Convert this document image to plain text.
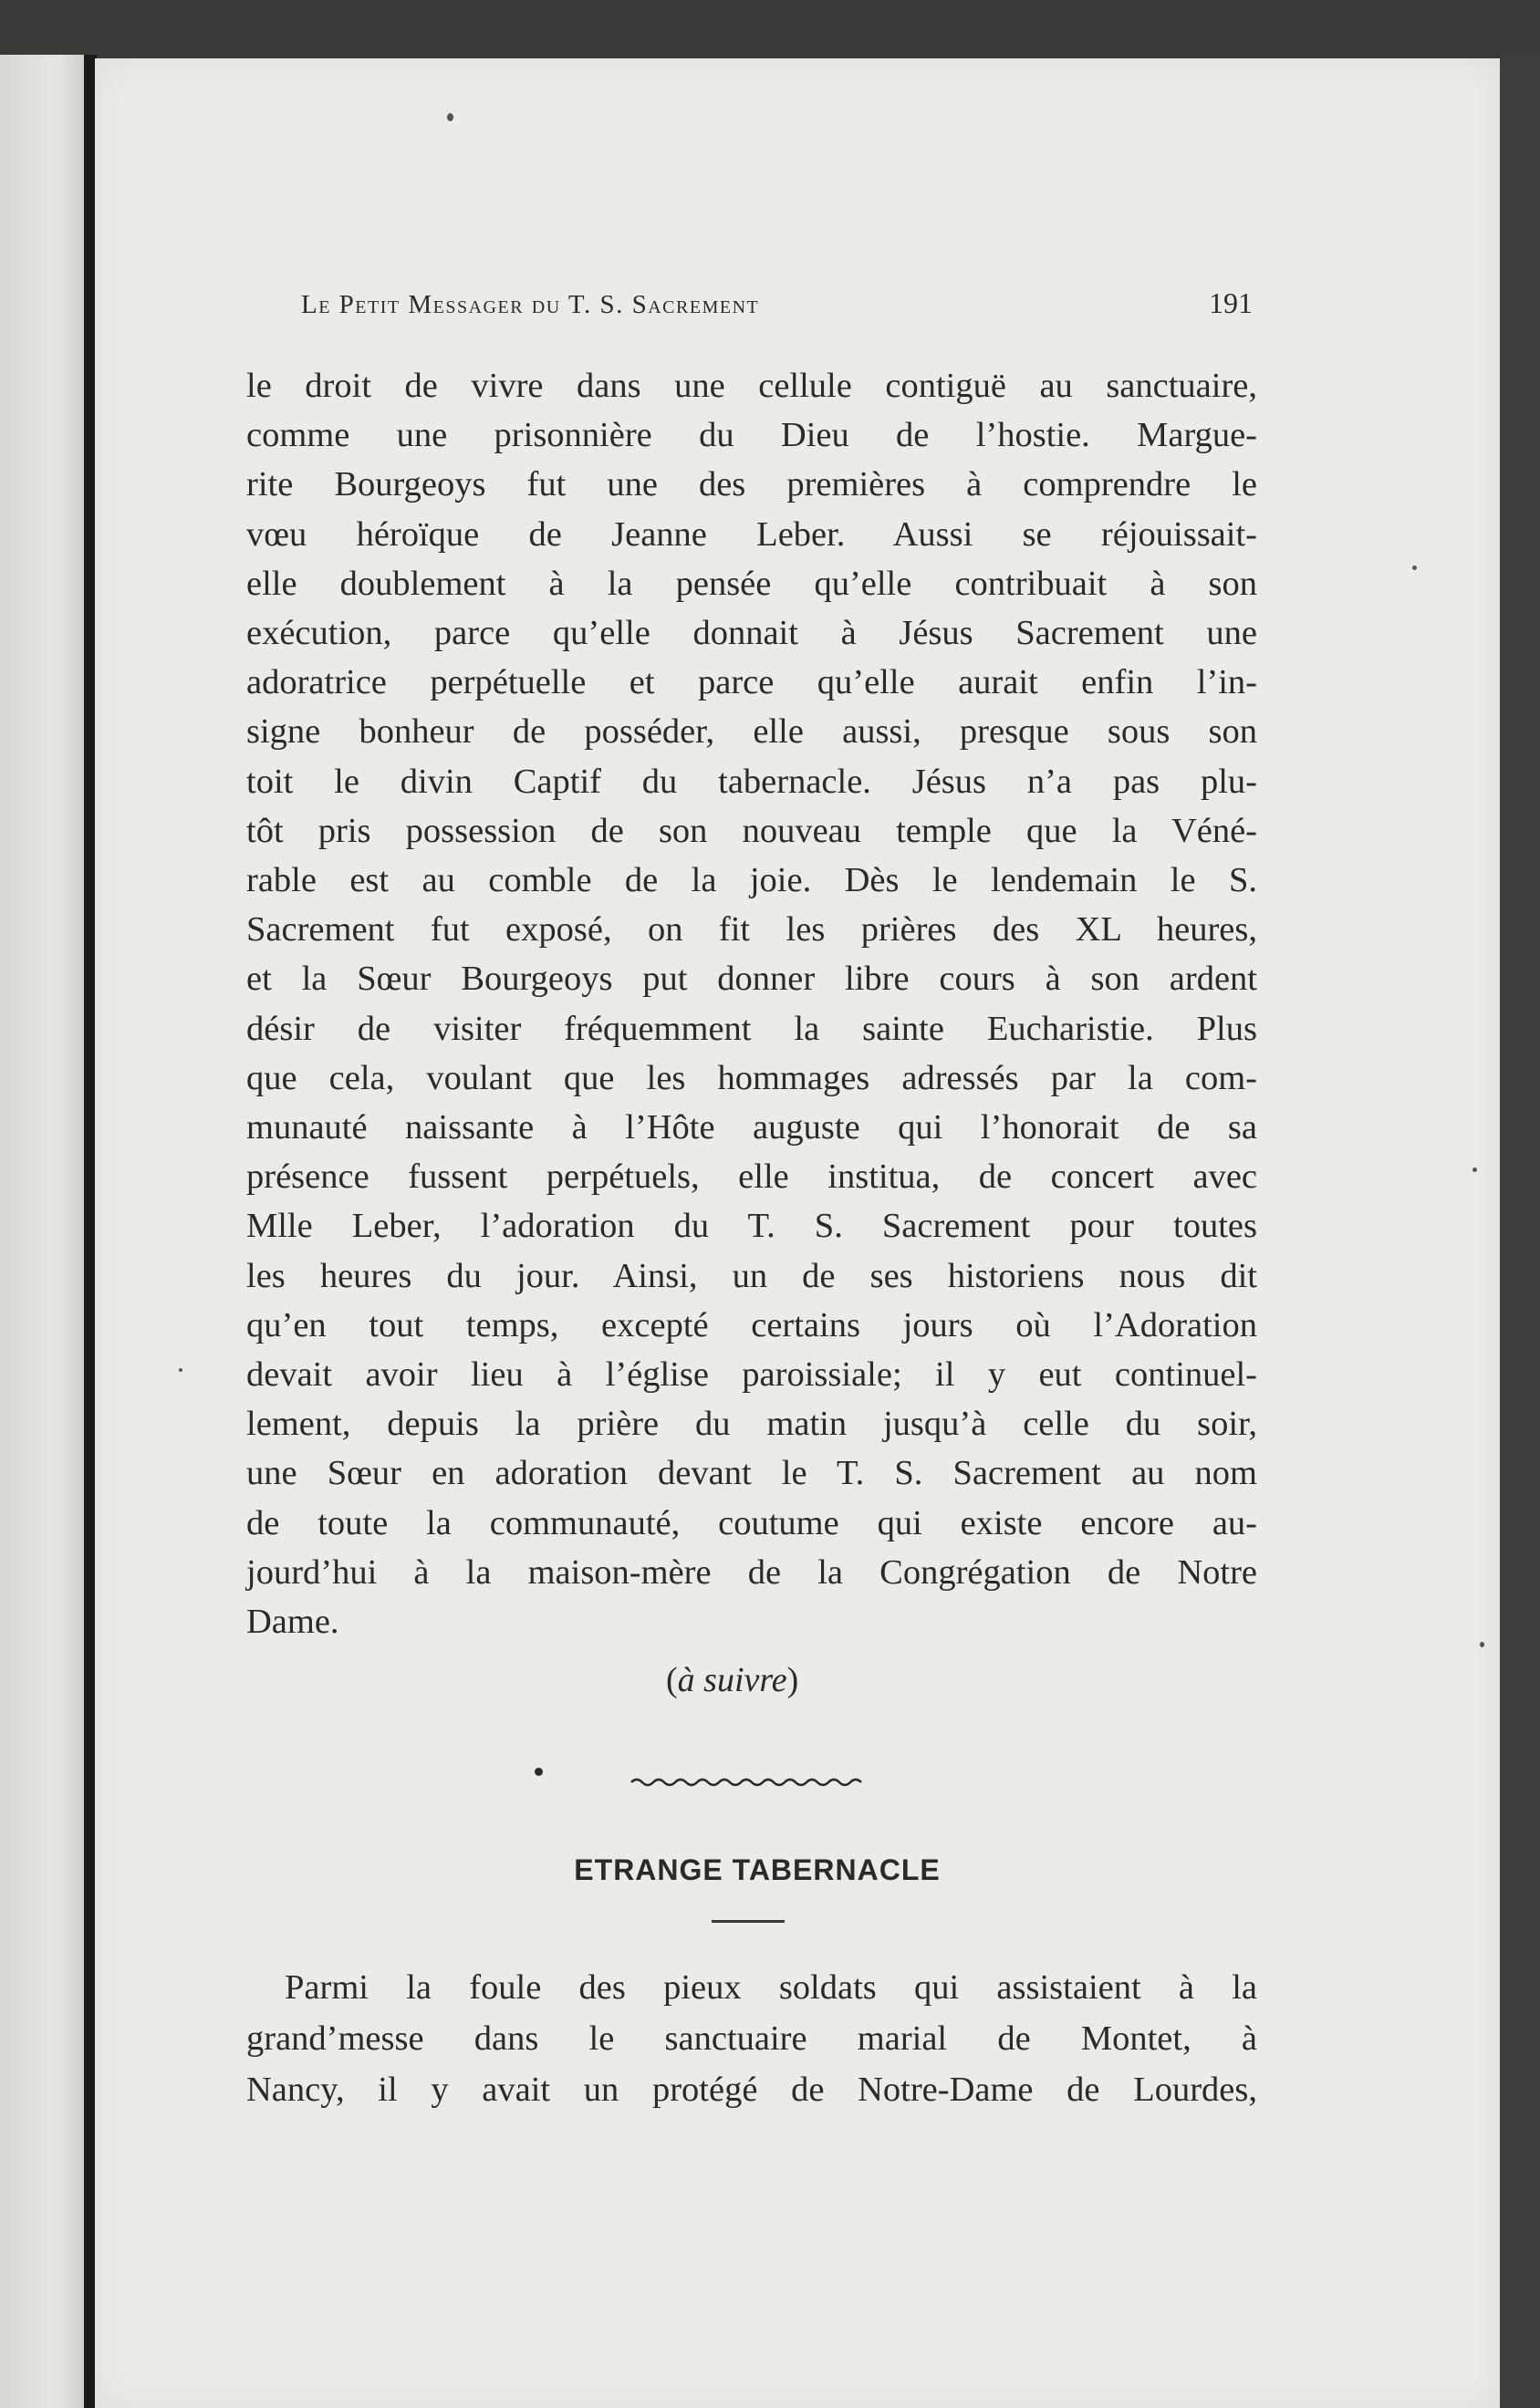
Le Petit Messager du T. S. Sacrement	191
le droit de vivre dans une cellule contiguë au sanctuaire,
comme une prisonnière du Dieu de l’hostie. Margue-
rite Bourgeoys fut une des premières à comprendre le
vœu héroïque de Jeanne Leber. Aussi se réjouissait-
elle doublement à la pensée qu’elle contribuait à son
exécution, parce qu’elle donnait à Jésus Sacrement une
adoratrice perpétuelle et parce qu’elle aurait enfin l’in-
signe bonheur de posséder, elle aussi, presque sous son
toit le divin Captif du tabernacle. Jésus n’a pas plu-
tôt pris possession de son nouveau temple que la Véné-
rable est au comble de la joie. Dès le lendemain le S.
Sacrement fut exposé, on fit les prières des XL heures,
et la Sœur Bourgeoys put donner libre cours à son ardent
désir de visiter fréquemment la sainte Eucharistie. Plus
que cela, voulant que les hommages adressés par la com-
munauté naissante à l’Hôte auguste qui l’honorait de sa
présence fussent perpétuels, elle institua, de concert avec
Mlle Leber, l’adoration du T. S. Sacrement pour toutes
les heures du jour. Ainsi, un de ses historiens nous dit
qu’en tout temps, excepté certains jours où l’Adoration
devait avoir lieu à l’église paroissiale; il y eut continuel-
lement, depuis la prière du matin jusqu’à celle du soir,
une Sœur en adoration devant le T. S. Sacrement au nom
de toute la communauté, coutume qui existe encore au-
jourd’hui à la maison-mère de la Congrégation de Notre
Dame.
(à suivre)
ETRANGE TABERNACLE
Parmi la foule des pieux soldats qui assistaient à la
grand’messe dans le sanctuaire marial de Montet, à
Nancy, il y avait un protégé de Notre-Dame de Lourdes,
